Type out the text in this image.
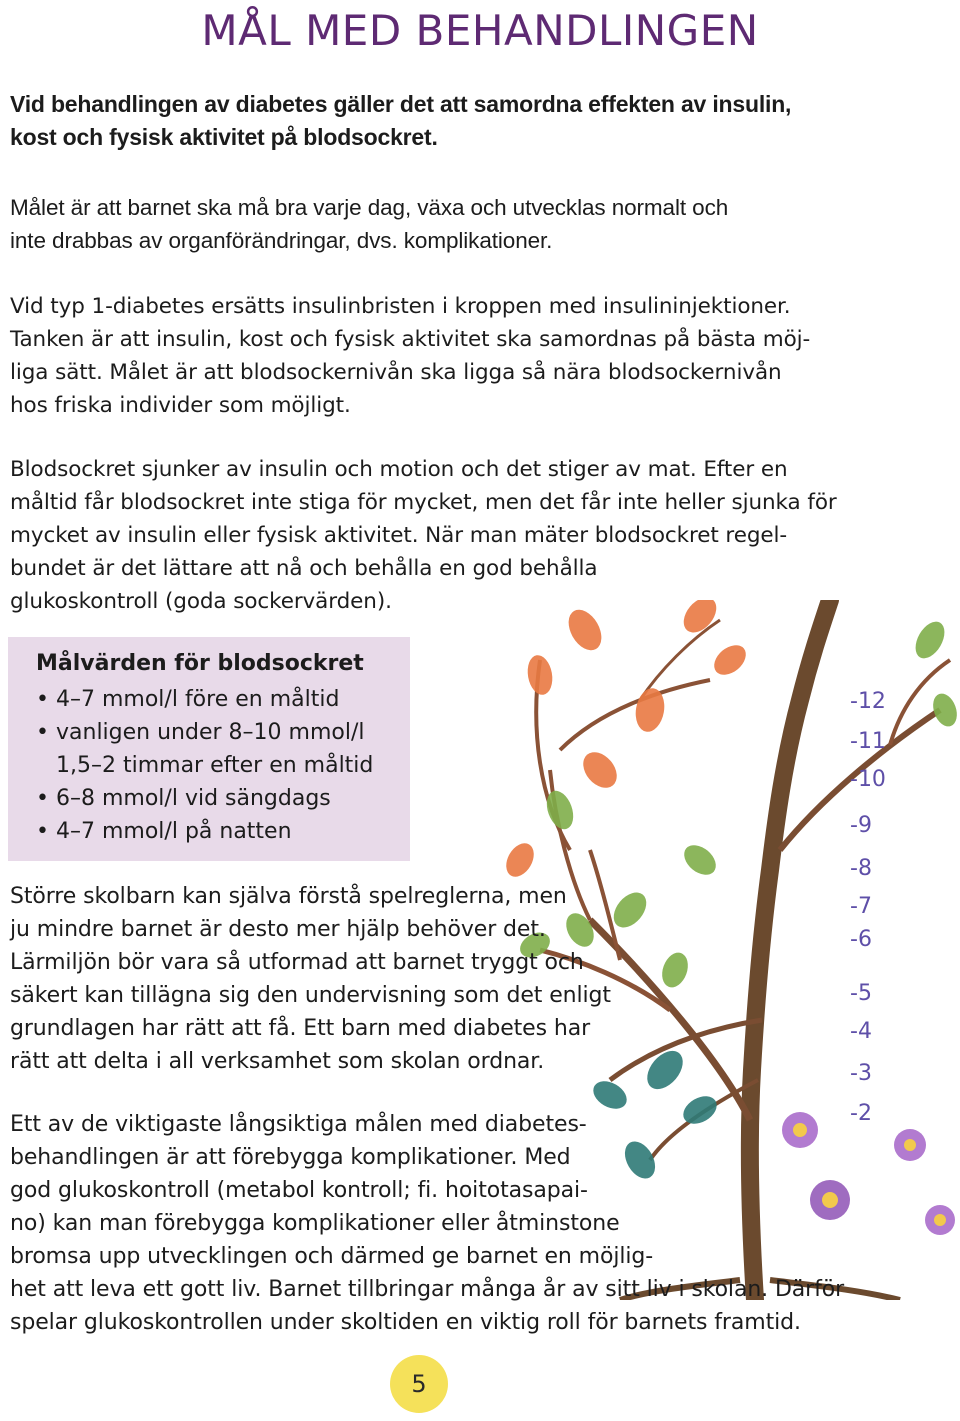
MÅL MED BEHANDLINGEN

Vid behandlingen av diabetes gäller det att samordna effekten av insulin,
kost och fysisk aktivitet på blodsockret.

Målet är att barnet ska må bra varje dag, växa och utvecklas normalt och
inte drabbas av organförändringar, dvs. komplikationer.

Vid typ 1-diabetes ersätts insulinbristen i kroppen med insulininjektioner.
Tanken är att insulin, kost och fysisk aktivitet ska samordnas på bästa möj-
liga sätt. Målet är att blodsockernivån ska ligga så nära blodsockernivån
hos friska individer som möjligt.

Blodsockret sjunker av insulin och motion och det stiger av mat. Efter en
måltid får blodsockret inte stiga för mycket, men det får inte heller sjunka för
mycket av insulin eller fysisk aktivitet. När man mäter blodsockret regel-
bundet är det lättare att nå och behålla en god behålla
glukoskontroll (goda sockervärden).

Målvärden för blodsockret

• 4–7 mmol/l före en måltid
• vanligen under 8–10 mmol/l
1,5–2 timmar efter en måltid
• 6–8 mmol/l vid sängdags
• 4–7 mmol/l på natten
-12
-11
-10
-9
-8
-7
-6
-5
-4
-3
-2

Större skolbarn kan själva förstå spelreglerna, men
ju mindre barnet är desto mer hjälp behöver det.
Lärmiljön bör vara så utformad att barnet tryggt och
säkert kan tillägna sig den undervisning som det enligt
grundlagen har rätt att få. Ett barn med diabetes har
rätt att delta i all verksamhet som skolan ordnar.

Ett av de viktigaste långsiktiga målen med diabetes-
behandlingen är att förebygga komplikationer. Med
god glukoskontroll (metabol kontroll; fi. hoitotasapai-
no) kan man förebygga komplikationer eller åtminstone
bromsa upp utvecklingen och därmed ge barnet en möjlig-
het att leva ett gott liv. Barnet tillbringar många år av sitt liv i skolan. Därför
spelar glukoskontrollen under skoltiden en viktig roll för barnets framtid.

5
